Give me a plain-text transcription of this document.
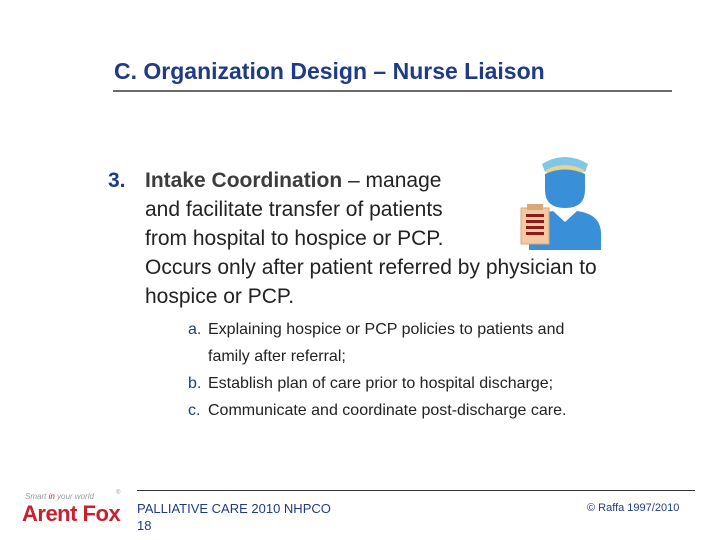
C. Organization Design – Nurse Liaison
3. Intake Coordination – manage
and facilitate transfer of patients
from hospital to hospice or PCP.
Occurs only after patient referred by physician to
hospice or PCP.
a. Explaining hospice or PCP policies to patients and
family after referral;
b. Establish plan of care prior to hospital discharge;
c. Communicate and coordinate post-discharge care.
Smart in your world	®
Arent Fox PALLIATIVE CARE 2010 NHPCO
18
© Raffa 1997/2010
